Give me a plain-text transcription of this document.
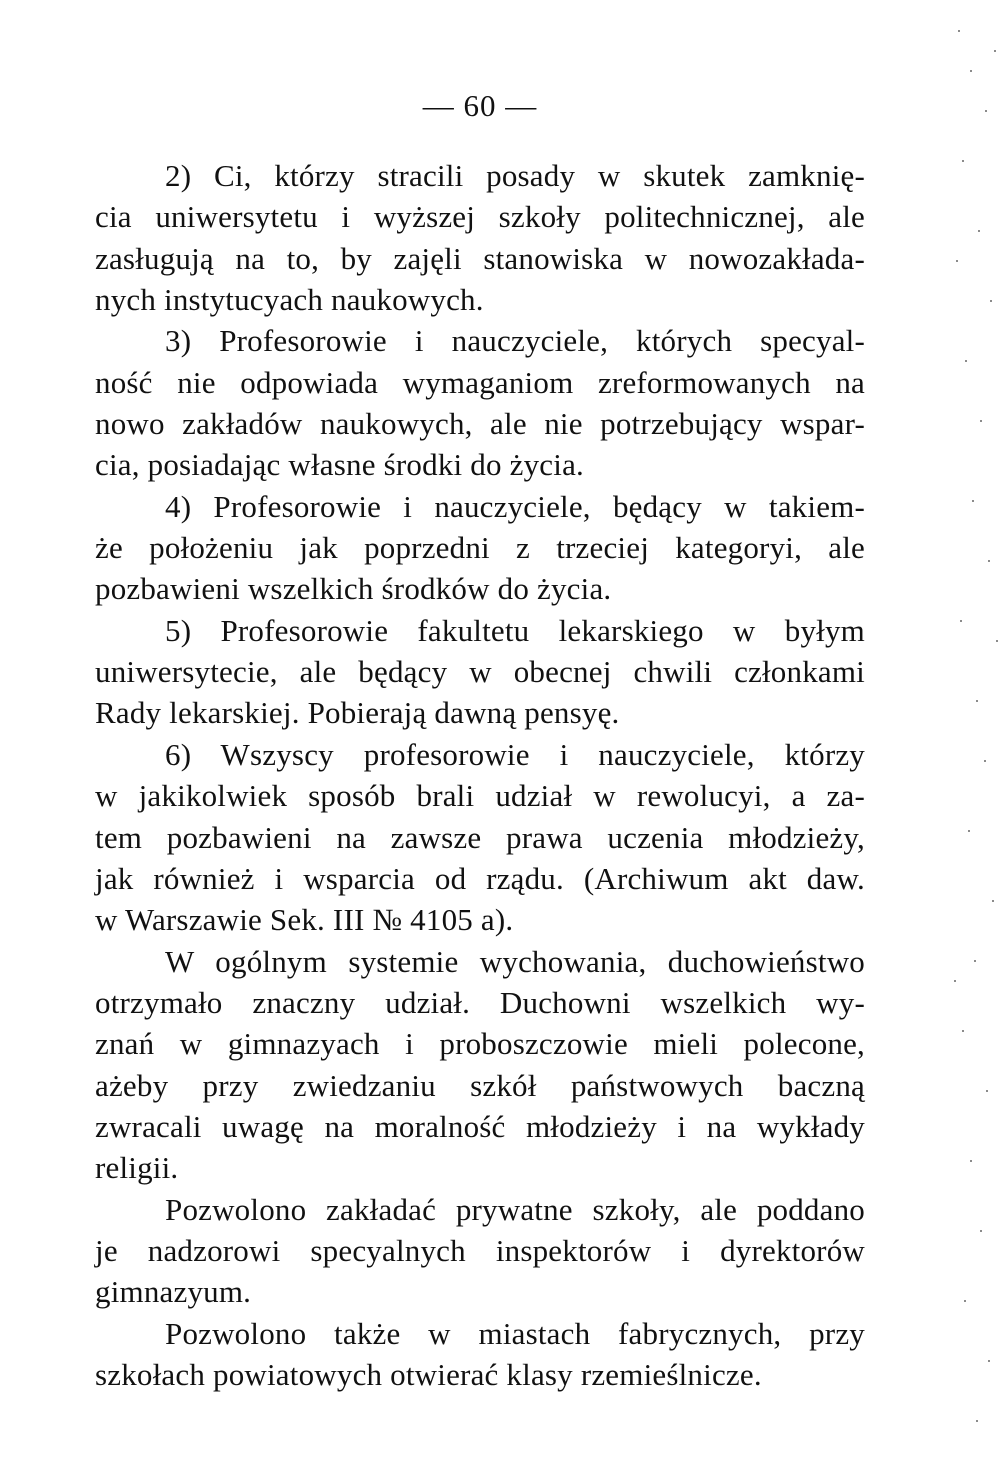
— 60 —
2) Ci, którzy stracili posady w skutek zamknię-
cia uniwersytetu i wyższej szkoły politechnicznej, ale
zasługują na to, by zajęli stanowiska w nowozakłada-
nych instytucyach naukowych.
3) Profesorowie i nauczyciele, których specyal-
ność nie odpowiada wymaganiom zreformowanych na
nowo zakładów naukowych, ale nie potrzebujący wspar-
cia, posiadając własne środki do życia.
4) Profesorowie i nauczyciele, będący w takiem-
że położeniu jak poprzedni z trzeciej kategoryi, ale
pozbawieni wszelkich środków do życia.
5) Profesorowie fakultetu lekarskiego w byłym
uniwersytecie, ale będący w obecnej chwili członkami
Rady lekarskiej. Pobierają dawną pensyę.
6) Wszyscy profesorowie i nauczyciele, którzy
w jakikolwiek sposób brali udział w rewolucyi, a za-
tem pozbawieni na zawsze prawa uczenia młodzieży,
jak również i wsparcia od rządu. (Archiwum akt daw.
w Warszawie Sek. III № 4105 a).
W ogólnym systemie wychowania, duchowieństwo
otrzymało znaczny udział. Duchowni wszelkich wy-
znań w gimnazyach i proboszczowie mieli polecone,
ażeby przy zwiedzaniu szkół państwowych baczną
zwracali uwagę na moralność młodzieży i na wykłady
religii.
Pozwolono zakładać prywatne szkoły, ale poddano
je nadzorowi specyalnych inspektorów i dyrektorów
gimnazyum.
Pozwolono także w miastach fabrycznych, przy
szkołach powiatowych otwierać klasy rzemieślnicze.
